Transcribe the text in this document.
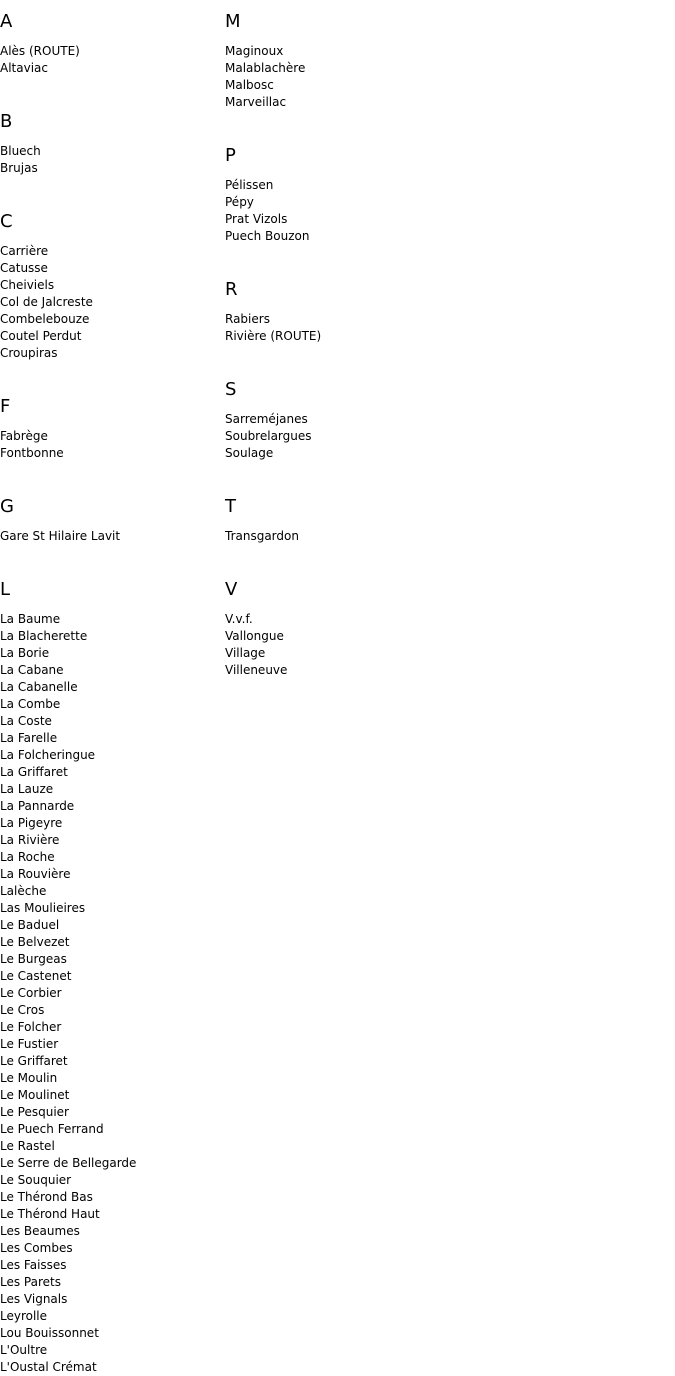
A
Alès (ROUTE)
Altaviac
B
Bluech
Brujas
C
Carrière
Catusse
Cheiviels
Col de Jalcreste
Combelebouze
Coutel Perdut
Croupiras
F
Fabrège
Fontbonne
G
Gare St Hilaire Lavit
L
La Baume
La Blacherette
La Borie
La Cabane
La Cabanelle
La Combe
La Coste
La Farelle
La Folcheringue
La Griffaret
La Lauze
La Pannarde
La Pigeyre
La Rivière
La Roche
La Rouvière
Lalèche
Las Moulieires
Le Baduel
Le Belvezet
Le Burgeas
Le Castenet
Le Corbier
Le Cros
Le Folcher
Le Fustier
Le Griffaret
Le Moulin
Le Moulinet
Le Pesquier
Le Puech Ferrand
Le Rastel
Le Serre de Bellegarde
Le Souquier
Le Thérond Bas
Le Thérond Haut
Les Beaumes
Les Combes
Les Faisses
Les Parets
Les Vignals
Leyrolle
Lou Bouissonnet
L'Oultre
L'Oustal Crémat
M
Maginoux
Malablachère
Malbosc
Marveillac
P
Pélissen
Pépy
Prat Vizols
Puech Bouzon
R
Rabiers
Rivière (ROUTE)
S
Sarreméjanes
Soubrelargues
Soulage
T
Transgardon
V
V.v.f.
Vallongue
Village
Villeneuve
